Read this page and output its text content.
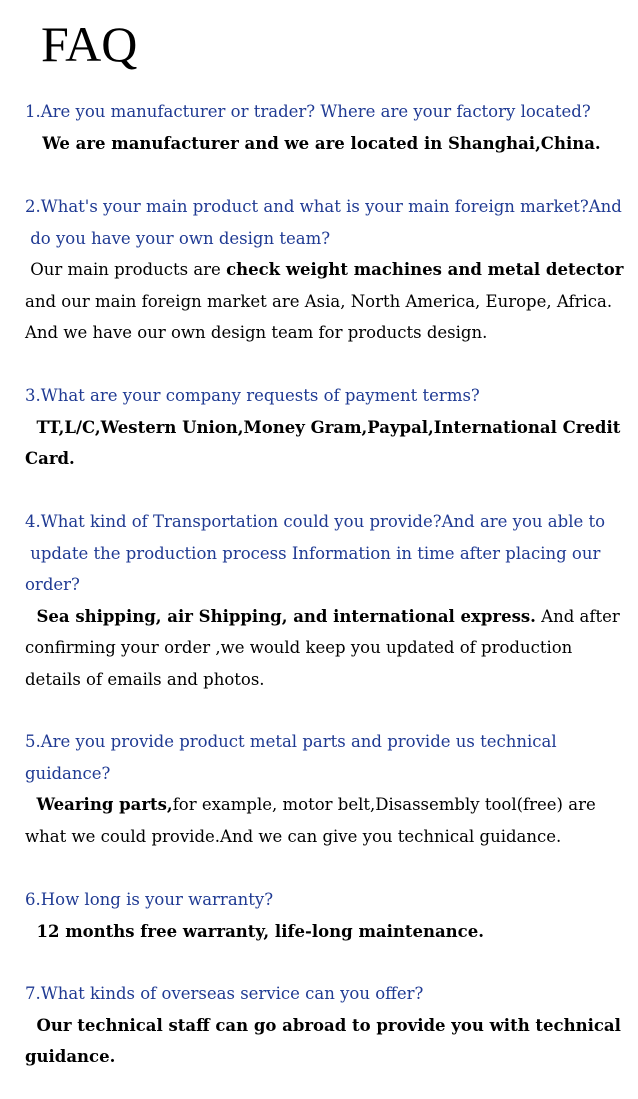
FAQ
1.Are you manufacturer or trader? Where are your factory located?
We are manufacturer and we are located in Shanghai,China.
2.What's your main product and what is your main foreign market?And
do you have your own design team?
Our main products are check weight machines and metal detector
and our main foreign market are Asia, North America, Europe, Africa.
And we have our own design team for products design.
3.What are your company requests of payment terms?
TT,L/C,Western Union,Money Gram,Paypal,International Credit
Card.
4.What kind of Transportation could you provide?And are you able to
update the production process Information in time after placing our
order?
Sea shipping, air Shipping, and international express. And after
confirming your order ,we would keep you updated of production
details of emails and photos.
5.Are you provide product metal parts and provide us technical
guidance?
Wearing parts,for example, motor belt,Disassembly tool(free) are
what we could provide.And we can give you technical guidance.
6.How long is your warranty?
12 months free warranty, life-long maintenance.
7.What kinds of overseas service can you offer?
Our technical staff can go abroad to provide you with technical
guidance.
